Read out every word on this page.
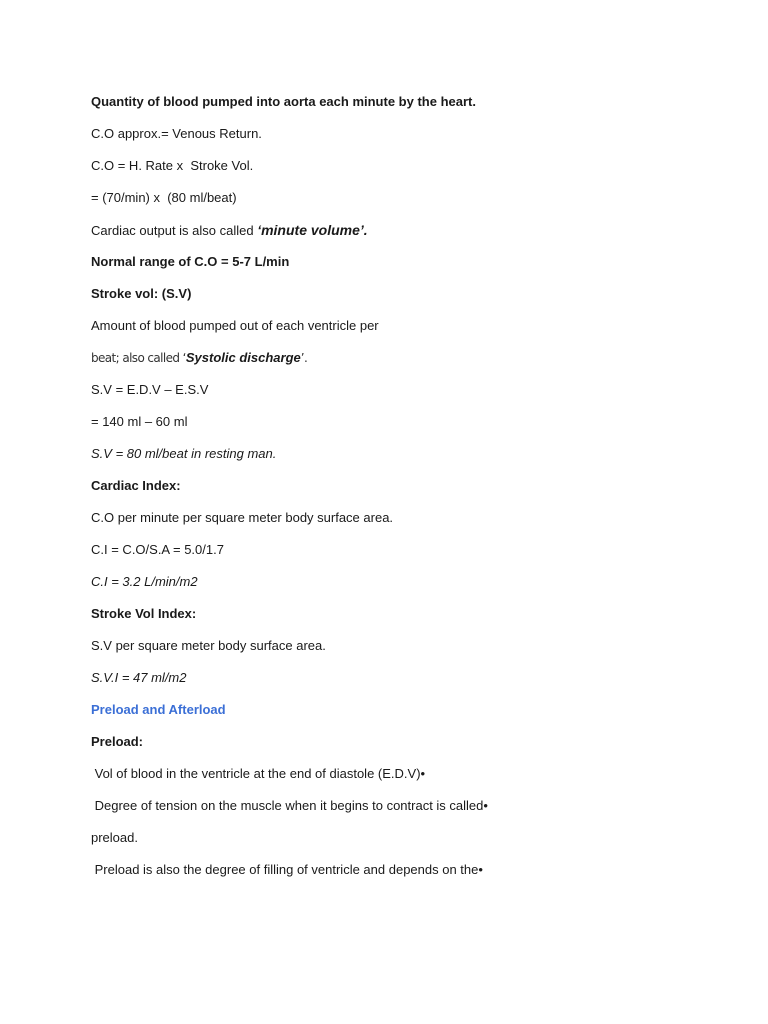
Quantity of blood pumped into aorta each minute by the heart.
C.O approx.= Venous Return.
C.O = H. Rate x  Stroke Vol.
= (70/min) x  (80 ml/beat)
Cardiac output is also called ‘minute volume’.
Normal range of C.O = 5-7 L/min
Stroke vol: (S.V)
Amount of blood pumped out of each ventricle per
beat; also called ‘Systolic discharge’.
S.V = E.D.V – E.S.V
= 140 ml – 60 ml
S.V = 80 ml/beat in resting man.
Cardiac Index:
C.O per minute per square meter body surface area.
C.I = C.O/S.A = 5.0/1.7
C.I = 3.2 L/min/m2
Stroke Vol Index:
S.V per square meter body surface area.
S.V.I = 47 ml/m2
Preload and Afterload
Preload:
Vol of blood in the ventricle at the end of diastole (E.D.V)•
Degree of tension on the muscle when it begins to contract is called•
preload.
Preload is also the degree of filling of ventricle and depends on the•
